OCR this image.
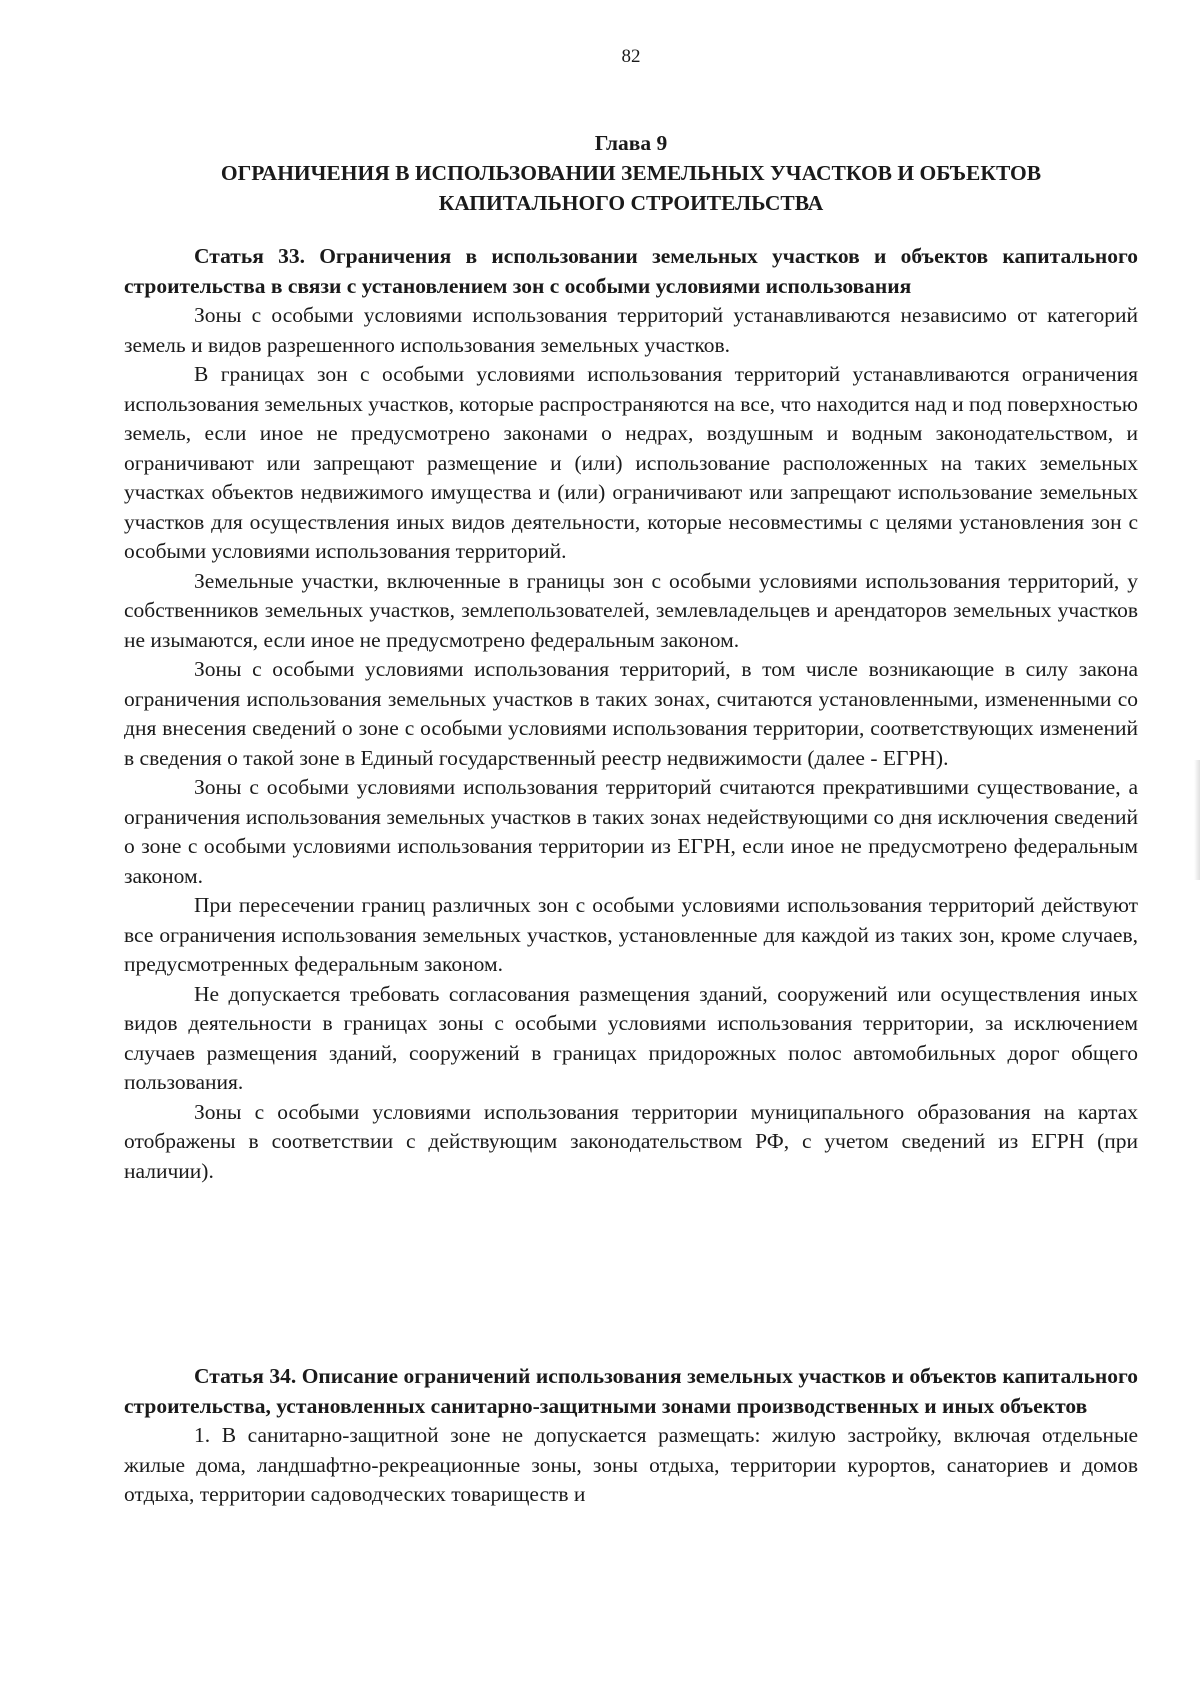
82
Глава 9
ОГРАНИЧЕНИЯ В ИСПОЛЬЗОВАНИИ ЗЕМЕЛЬНЫХ УЧАСТКОВ И ОБЪЕКТОВ
КАПИТАЛЬНОГО СТРОИТЕЛЬСТВА

Статья 33. Ограничения в использовании земельных участков и объектов капитального строительства в связи с установлением зон с особыми условиями использования

Зоны с особыми условиями использования территорий устанавливаются независимо от категорий земель и видов разрешенного использования земельных участков.

В границах зон с особыми условиями использования территорий устанавливаются ограничения использования земельных участков, которые распространяются на все, что находится над и под поверхностью земель, если иное не предусмотрено законами о недрах, воздушным и водным законодательством, и ограничивают или запрещают размещение и (или) использование расположенных на таких земельных участках объектов недвижимого имущества и (или) ограничивают или запрещают использование земельных участков для осуществления иных видов деятельности, которые несовместимы с целями установления зон с особыми условиями использования территорий.

Земельные участки, включенные в границы зон с особыми условиями использования территорий, у собственников земельных участков, землепользователей, землевладельцев и арендаторов земельных участков не изымаются, если иное не предусмотрено федеральным законом.

Зоны с особыми условиями использования территорий, в том числе возникающие в силу закона ограничения использования земельных участков в таких зонах, считаются установленными, измененными со дня внесения сведений о зоне с особыми условиями использования территории, соответствующих изменений в сведения о такой зоне в Единый государственный реестр недвижимости (далее - ЕГРН).

Зоны с особыми условиями использования территорий считаются прекратившими существование, а ограничения использования земельных участков в таких зонах недействующими со дня исключения сведений о зоне с особыми условиями использования территории из ЕГРН, если иное не предусмотрено федеральным законом.

При пересечении границ различных зон с особыми условиями использования территорий действуют все ограничения использования земельных участков, установленные для каждой из таких зон, кроме случаев, предусмотренных федеральным законом.

Не допускается требовать согласования размещения зданий, сооружений или осуществления иных видов деятельности в границах зоны с особыми условиями использования территории, за исключением случаев размещения зданий, сооружений в границах придорожных полос автомобильных дорог общего пользования.

Зоны с особыми условиями использования территории муниципального образования на картах отображены в соответствии с действующим законодательством РФ, с учетом сведений из ЕГРН (при наличии).

Статья 34. Описание ограничений использования земельных участков и объектов капитального строительства, установленных санитарно-защитными зонами производственных и иных объектов

1. В санитарно-защитной зоне не допускается размещать: жилую застройку, включая отдельные жилые дома, ландшафтно-рекреационные зоны, зоны отдыха, территории курортов, санаториев и домов отдыха, территории садоводческих товариществ и
